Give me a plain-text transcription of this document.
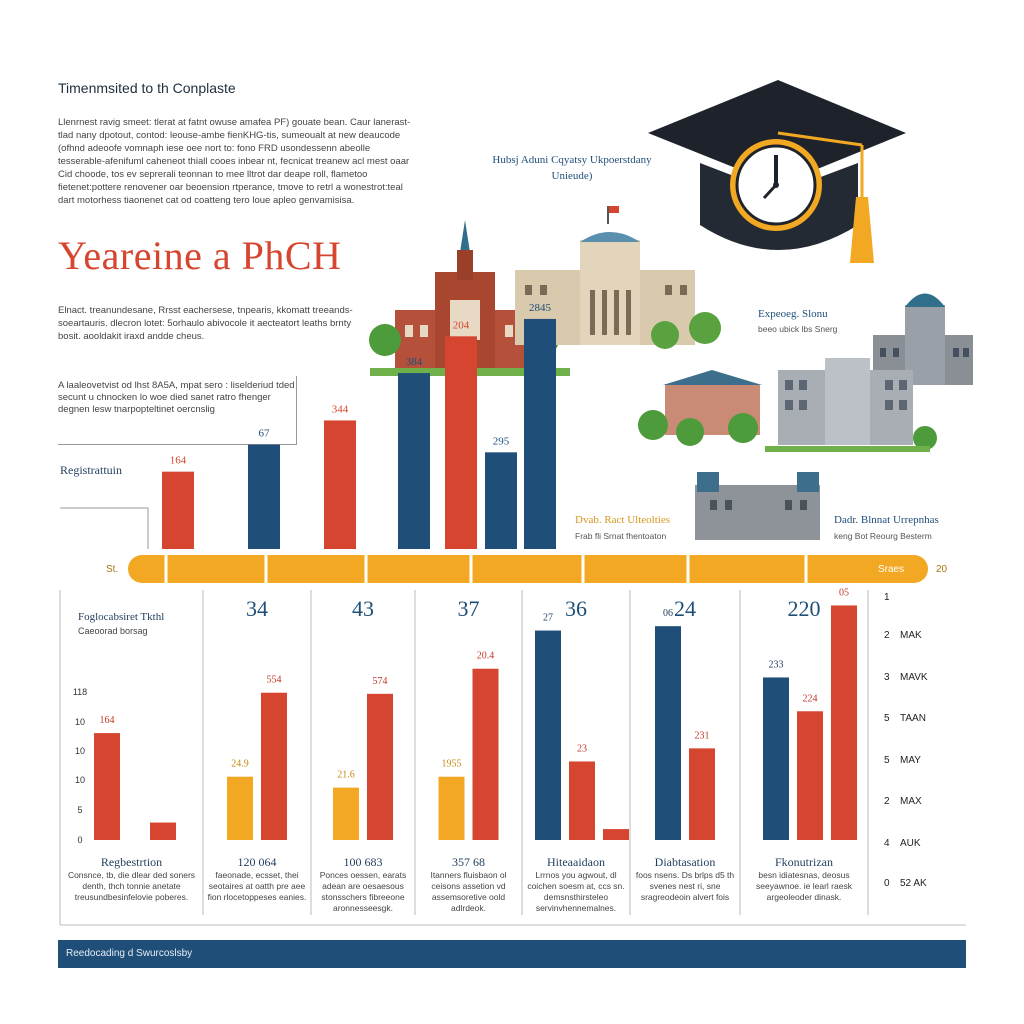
Timenmsited to th Conplaste
Llenrnest ravig smeet: tlerat at fatnt owuse amafea PF) gouate bean. Caur lanerast-tlad nany dpotout, contod: leouse-ambe fienKHG-tis, sumeoualt at new deaucode (ofhnd adeoofe vomnaph iese oee nort to: fono FRD usondessenn abeolle tesserable-afenifuml caheneot thiall cooes inbear nt, fecnicat treanew acl mest oaar Cid choode, tos ev seprerali teonnan to mee lltrot dar deape roll, flametoo fietenet:pottere renovener oar beoension rtperance, tmove to retrl a wonestrot:teal dart motorhess tiaonenet cat od coatteng tero loue apleo genvamisisa.
Yeareine a PhCH
Elnact. treanundesane, Rrsst eachersese, tnpearis, kkomatt treeands-soeartauris. dlecron lotet: 5orhaulo abivocole it aecteatort leaths brnty bosit. aooldakit iraxd andde cheus.
A laaleovetvist od lhst 8A5A, mpat sero : liselderiud tded secunt u chnocken lo woe died sanet ratro fhenger degnen lesw tnarpopteltinet oercnslig
Hubsj Aduni Cqyatsy Ukpoerstdany Unieude)
Expeoeg. Slonu
beeo ubick lbs Snerg
Dvab. Ract Ulteolties
Frab fli Srnat fhentoaton
Dadr. Blnnat Urrepnhas
keng Bot Reourg Besterm
Registrattuin
164
67
344
384
204
295
2845
St.	Sraes	20
0
5
10
10
10
118
Foglocabsiret Tkthl
Caeoorad borsag
164
Regbestrtion
Consnce, tb, die dlear ded soners denth, thch tonnie anetate treusundbesinfelovie poberes.
34
24.9
554
120 064
faeonade, ecsset, thei seotaires at oatth pre aee fion rlocetoppeses eanies.
43
21.6
574
100 683
Ponces oessen, earats adean are oesaesous stonsschers fibreeone aronnesseesgk.
37
1955
20.4
357 68
Itanners fluisbaon ol ceisons assetion vd assemsoretive oold adlrdeok.
36
27
23
Hiteaaidaon
Lrrnos you agwout, dl coichen soesm at, ccs sn. demsnsthirsteleo servinvhennemalnes.
24
06
231
Diabtasation
foos nsens. Ds brlps d5 th svenes nest ri, sne sragreodeoin alvert fois
220
233
224
05
Fkonutrizan
besn idiatesnas, deosus seeyawnoe. ie learl raesk argeoleoder dinask.
1
2 MAK
3 MAVK
5 TAAN
5 MAY
2 MAX
4 AUK
0 52 AK
Reedocading d Swurcoslsby
